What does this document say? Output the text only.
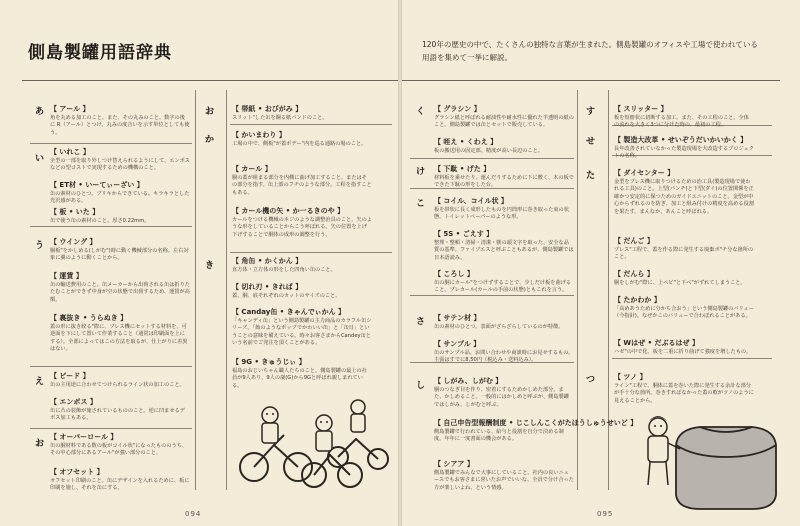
側島製罐用語辞典
あ
い
う
え
お
お
か
き
【 アール 】
角を丸める加工のこと。また、その丸みのこと。数字の後に R（アール）とつけ、丸みの度合いを示す単位としても使う。
【 いれこ 】
全型の一部を取り外しつけ替えられるようにして、エンボスなどの型コストで実現するための機構のこと。
【 ET材 • いーてぃーざい 】
缶の素材のひとつ。ブリキからできている。キラキラとした光沢感がある。
【 板 • いた 】
缶で使う缶の素材のこと。厚さ0.22mm。
【 ウイング 】
胴板"をかしめる(しがむ")時に動く機械部分の名称。左右対象に翼のように動くことから。
【 運賃 】
缶の輸送費用のこと。缶メーカーから出荷される缶は折りたたむことができず中身が空の状態で出荷するため、運賃が高額。
【 裏抜き • うらぬき 】
蓋の形に抜き絞る"際に、プレス機にセットする材料を、可逆面を下にして置いて作業すること（通常は印刷面を上にする）。全部によってはこの方法を取るが、仕上がりに差異はない。
【 ビード 】
缶の主用途に合わせてつけられるライン状の加工のこと。
【 エンボス 】
缶に凸の装飾が施されているもののこと。逆に凹ませるデボス加工もある。
【 オーバーロール 】
缶の胴材料である数の板がコイル状"になったもののうち、その中心部分にあるアール"が強い部分のこと。
【 オフセット 】
オフセット印刷のこと。缶にデザインを入れるために、板に印刷を施し、それを缶にする。
【 帯紙 • おびがみ 】
スリット"した缶を鋼る紙バンドのこと。
【 かいまわり 】
工場の中で、側板"が蓋ポデー"内を巡る通路の場のこと。
【 カール 】
胴の蓋が組まる部分を内側に曲げ加工すること。またはその部分を指す。缶上部のフチのような部分。工程を指すこともある。
【 カール機の矢 • か一るきのや 】
カールをつける機械のネジのような調整治具のこと。矢のような形をしていることからこう呼ばれる。矢の位置を上げ下げすることで胴体の成形の調整を行う。
【 角缶 • かくかん 】
直方体・立方体の形をした四角い缶のこと。
【 切れ刃 • きれば 】
蓋、胴、底それぞれのカットのサイズのこと。
【 Canday缶 • きゃんでぃかん 】
「キャンディ缶」という側島製罐の主力商品のカラフル缶シリーズ。「飴のようなポップでかわいい缶」と「缶日」ということの意味を備えている。時々お客さまからCandey缶という名前でご発注を頂くことがある。
【 9G • きゅうじぃ 】
福島のおじいちゃん職人たちのこと。側島製罐の最上の社員が9人あり、9人の歳(G)から9Gと呼ばれ親しまれている。
094
120年の歴史の中で、たくさんの独特な言葉が生まれた。側島製罐のオフィスや工場で使われている用語を集めて一挙に解説。
く
け
こ
さ
し
す
せ
た
つ
【 グラシン 】
グラシン紙と呼ばれる耐油性や耐水性に優れた半透明の紙のこと。側島製罐では缶とセットで販売している。
【 咥え • くわえ 】
板の搬送用の固定部。精度が高い長辺のこと。
【 下駄 • げた 】
材料板を乗せたり、運んだりするために下に敷く、木の板でできた下駄の形をした台。
【 コイル、コイル状 】
板を帯状に長く成形したものを円筒形に巻き取った束の状態。トイレットペーパーのような形。
【 5S • ごえす 】
整理・整頓・清掃・清潔・躾の頭文字を取った、安全な品質の基準。ファイブエスと呼ぶこともあるが、側島製罐では日本語読み。
【 ころし 】
缶の胴にカール"をつけずすることで、少しだけ板を曲げること。プレカール(カールの手前の状態)ともこれを言う。
【 サテン材 】
缶の素材のひとつ。表面がざらざらしているのが特徴。
【 サンプル 】
缶のサンプル品。お問い合わせや商談時にお見せするもの。主張はすでに8,50円（税込み・送料込み）。
【 しがみ、しがむ 】
胴のつなぎ目を作り、密着にするためかしめた部分。また、かしめること。一般的にはかしめと呼ぶが、側島製罐ではしがみ、しがむと呼ぶ。
【 自己申告型報酬制度 • じこしんこくがたほうしゅうせいど 】
側島製罐で行われている、給与と役割を自分で決める制度。年年に一度書面の機会がある。
【 シアア 】
側島製罐でみんなで大事にしていること。社内の良いニュースでもお客さまに喜いたお声でいいな、全員で分け合った方が楽しいよね、という情感。
【 スリッター 】
板を短冊状に切断する加工。また、その工程のこと。全体の流れを大きく3つに分けた時の、最初の工程。
【 製造大改革 • せいぞうだいかいかく 】
長年改善されていなかった製造現場を大改造するプロジェクトの名称。
【 ダイセンター 】
金型をプレス機に取りつけるための治工具(製造現場で使われる工具)のこと。上型(パンチ)と下型(ダイ)の位置関係を正確かつ安定的に保つためのガイドユニットのこと。金型が中心からずれるのを防ぎ、加工と組み付けの精度を高める役割を果たす。まんなか、あんこと呼ばれる。
【 だんご 】
プレス"工程で、蓋を作る際に発生する廃棄ボ"チ分な箇所のこと。
【 だんら 】
胴をしがむ"際に、上ペピ"と下ぺ"がずれてしまうこと。
【 たかわか 】
「高めあうために分かち合おう」という側島製罐のバリュー（今指針)。なぜかこのバリューで合わぼれることがある。
【 Wはぜ • だぶるはぜ 】
ハゼ"の中で化、板を二重に折り曲げて強度を増したもの。
【 ツノ 】
ライン"工程で、胴体に蓋を巻いた際に発生する余計な部分が手十分な箇所。巻きすればなかった蓋の軟がツノのように見えることから。
095
